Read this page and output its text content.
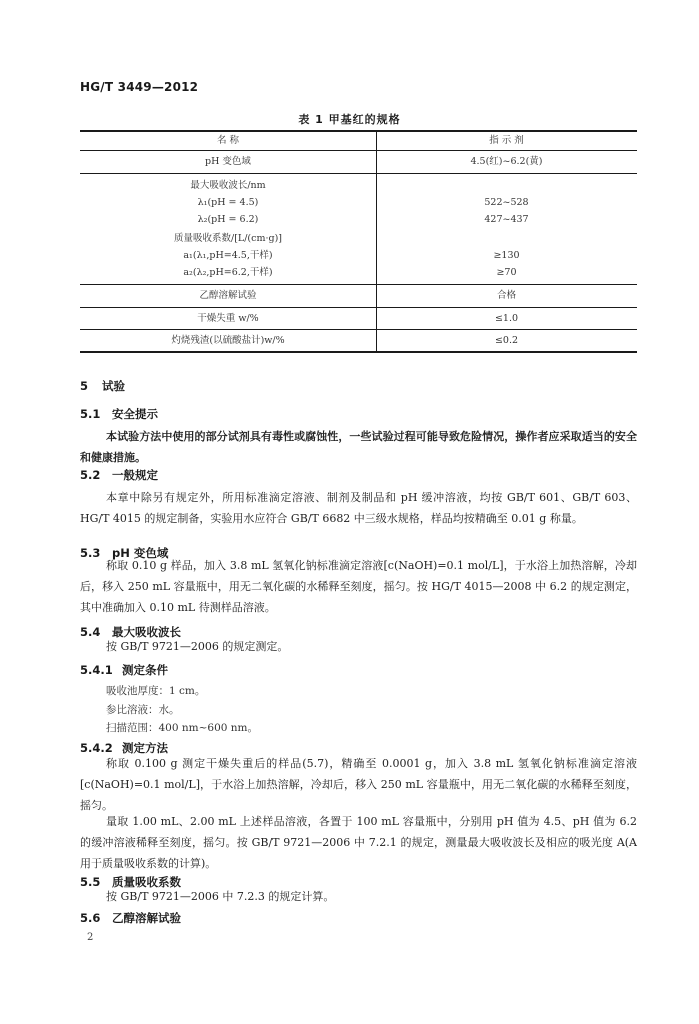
HG/T 3449—2012
表 1 甲基红的规格
名 称	指 示 剂
pH 变色域	4.5(红)~6.2(黄)
最大吸收波长/nm
λ₁(pH = 4.5)	522~528
λ₂(pH = 6.2)	427~437
质量吸收系数/[L/(cm·g)]
a₁(λ₁,pH=4.5,干样)	≥130
a₂(λ₂,pH=6.2,干样)	≥70
乙醇溶解试验	合格
干燥失重 w/%	≤1.0
灼烧残渣(以硫酸盐计)w/%	≤0.2
5 试验
5.1 安全提示
本试验方法中使用的部分试剂具有毒性或腐蚀性，一些试验过程可能导致危险情况，操作者应采取适当的安全和健康措施。
5.2 一般规定
本章中除另有规定外，所用标准滴定溶液、制剂及制品和 pH 缓冲溶液，均按 GB/T 601、GB/T 603、HG/T 4015 的规定制备，实验用水应符合 GB/T 6682 中三级水规格，样品均按精确至 0.01 g 称量。
5.3 pH 变色域
称取 0.10 g 样品，加入 3.8 mL 氢氧化钠标准滴定溶液[c(NaOH)=0.1 mol/L]，于水浴上加热溶解，冷却后，移入 250 mL 容量瓶中，用无二氧化碳的水稀释至刻度，摇匀。按 HG/T 4015—2008 中 6.2 的规定测定，其中准确加入 0.10 mL 待测样品溶液。
5.4 最大吸收波长
按 GB/T 9721—2006 的规定测定。
5.4.1 测定条件
吸收池厚度：1 cm。
参比溶液：水。
扫描范围：400 nm~600 nm。
5.4.2 测定方法
称取 0.100 g 测定干燥失重后的样品(5.7)，精确至 0.0001 g，加入 3.8 mL 氢氧化钠标准滴定溶液[c(NaOH)=0.1 mol/L]，于水浴上加热溶解，冷却后，移入 250 mL 容量瓶中，用无二氧化碳的水稀释至刻度，摇匀。
量取 1.00 mL、2.00 mL 上述样品溶液，各置于 100 mL 容量瓶中，分别用 pH 值为 4.5、pH 值为 6.2 的缓冲溶液稀释至刻度，摇匀。按 GB/T 9721—2006 中 7.2.1 的规定，测量最大吸收波长及相应的吸光度 A(A 用于质量吸收系数的计算)。
5.5 质量吸收系数
按 GB/T 9721—2006 中 7.2.3 的规定计算。
5.6 乙醇溶解试验
2
